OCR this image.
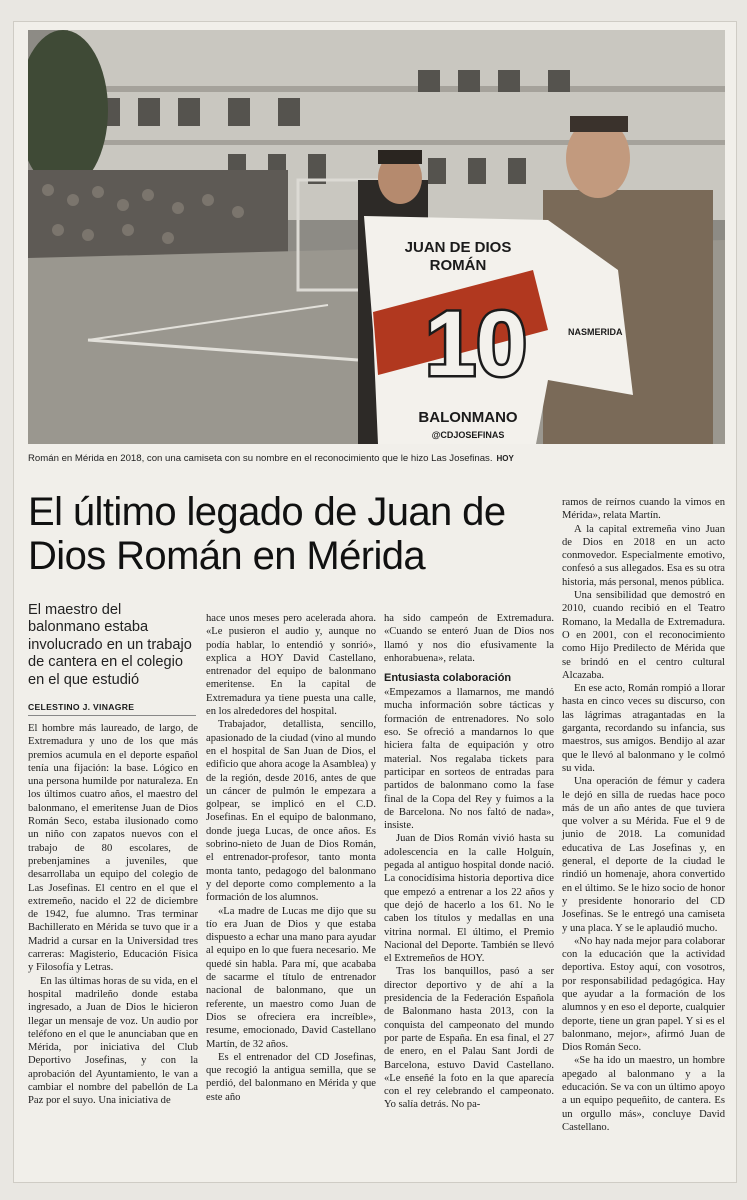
JUAN DE DIOS
ROMÁN
10
BALONMANO
@CDJOSEFINAS
NASMERIDA
Román en Mérida en 2018, con una camiseta con su nombre en el reconocimiento que le hizo Las Josefinas. HOY
El último legado de Juan de Dios Román en Mérida
El maestro del balonmano estaba involucrado en un trabajo de cantera en el colegio en el que estudió
CELESTINO J. VINAGRE

El hombre más laureado, de largo, de Extremadura y uno de los que más premios acumula en el deporte español tenía una fijación: la base. Lógico en una persona humilde por naturaleza. En los últimos cuatro años, el maestro del balonmano, el emeritense Juan de Dios Román Seco, estaba ilusionado como un niño con zapatos nuevos con el trabajo de 80 escolares, de prebenjamines a juveniles, que desarrollaba un equipo del colegio de Las Josefinas. El centro en el que el extremeño, nacido el 22 de diciembre de 1942, fue alumno. Tras terminar Bachillerato en Mérida se tuvo que ir a Madrid a cursar en la Universidad tres carreras: Magisterio, Educación Física y Filosofía y Letras.

En las últimas horas de su vida, en el hospital madrileño donde estaba ingresado, a Juan de Dios le hicieron llegar un mensaje de voz. Un audio por teléfono en el que le anunciaban que en Mérida, por iniciativa del Club Deportivo Josefinas, y con la aprobación del Ayuntamiento, le van a cambiar el nombre del pabellón de La Paz por el suyo. Una iniciativa de

hace unos meses pero acelerada ahora. «Le pusieron el audio y, aunque no podía hablar, lo entendió y sonrió», explica a HOY David Castellano, entrenador del equipo de balonmano emeritense. En la capital de Extremadura ya tiene puesta una calle, en los alrededores del hospital.

Trabajador, detallista, sencillo, apasionado de la ciudad (vino al mundo en el hospital de San Juan de Dios, el edificio que ahora acoge la Asamblea) y de la región, desde 2016, antes de que un cáncer de pulmón le empezara a golpear, se implicó en el C.D. Josefinas. En el equipo de balonmano, donde juega Lucas, de once años. Es sobrino-nieto de Juan de Dios Román, el entrenador-profesor, tanto monta monta tanto, pedagogo del balonmano y del deporte como complemento a la formación de los alumnos.

«La madre de Lucas me dijo que su tío era Juan de Dios y que estaba dispuesto a echar una mano para ayudar al equipo en lo que fuera necesario. Me quedé sin habla. Para mí, que acababa de sacarme el título de entrenador nacional de balonmano, que un referente, un maestro como Juan de Dios se ofreciera era increíble», resume, emocionado, David Castellano Martín, de 32 años.

Es el entrenador del CD Josefinas, que recogió la antigua semilla, que se perdió, del balonmano en Mérida y que este año

ha sido campeón de Extremadura. «Cuando se enteró Juan de Dios nos llamó y nos dio efusivamente la enhorabuena», relata.

Entusiasta colaboración

«Empezamos a llamarnos, me mandó mucha información sobre tácticas y formación de entrenadores. No solo eso. Se ofreció a mandarnos lo que hiciera falta de equipación y otro material. Nos regalaba tickets para participar en sorteos de entradas para partidos de balonmano como la fase final de la Copa del Rey y fuimos a la de Barcelona. No nos faltó de nada», insiste.

Juan de Dios Román vivió hasta su adolescencia en la calle Holguín, pegada al antiguo hospital donde nació. La conocidísima historia deportiva dice que empezó a entrenar a los 22 años y que dejó de hacerlo a los 61. No le caben los títulos y medallas en una vitrina normal. El último, el Premio Nacional del Deporte. También se llevó el Extremeños de HOY.

Tras los banquillos, pasó a ser director deportivo y de ahí a la presidencia de la Federación Española de Balonmano hasta 2013, con la conquista del campeonato del mundo por parte de España. En esa final, el 27 de enero, en el Palau Sant Jordi de Barcelona, estuvo David Castellano. «Le enseñé la foto en la que aparecía con el rey celebrando el campeonato. Yo salía detrás. No pa-

ramos de reírnos cuando la vimos en Mérida», relata Martín.

A la capital extremeña vino Juan de Dios en 2018 en un acto conmovedor. Especialmente emotivo, confesó a sus allegados. Esa es su otra historia, más personal, menos pública.

Una sensibilidad que demostró en 2010, cuando recibió en el Teatro Romano, la Medalla de Extremadura. O en 2001, con el reconocimiento como Hijo Predilecto de Mérida que se brindó en el centro cultural Alcazaba.

En ese acto, Román rompió a llorar hasta en cinco veces su discurso, con las lágrimas atragantadas en la garganta, recordando su infancia, sus maestros, sus amigos. Bendijo al azar que le llevó al balonmano y le colmó su vida.

Una operación de fémur y cadera le dejó en silla de ruedas hace poco más de un año antes de que tuviera que volver a su Mérida. Fue el 9 de junio de 2018. La comunidad educativa de Las Josefinas y, en general, el deporte de la ciudad le rindió un homenaje, ahora convertido en el último. Se le hizo socio de honor y presidente honorario del CD Josefinas. Se le entregó una camiseta y una placa. Y se le aplaudió mucho.

«No hay nada mejor para colaborar con la educación que la actividad deportiva. Estoy aquí, con vosotros, por responsabilidad pedagógica. Hay que ayudar a la formación de los alumnos y en eso el deporte, cualquier deporte, tiene un gran papel. Y si es el balonmano, mejor», afirmó Juan de Dios Román Seco.

«Se ha ido un maestro, un hombre apegado al balonmano y a la educación. Se va con un último apoyo a un equipo pequeñito, de cantera. Es un orgullo más», concluye David Castellano.
